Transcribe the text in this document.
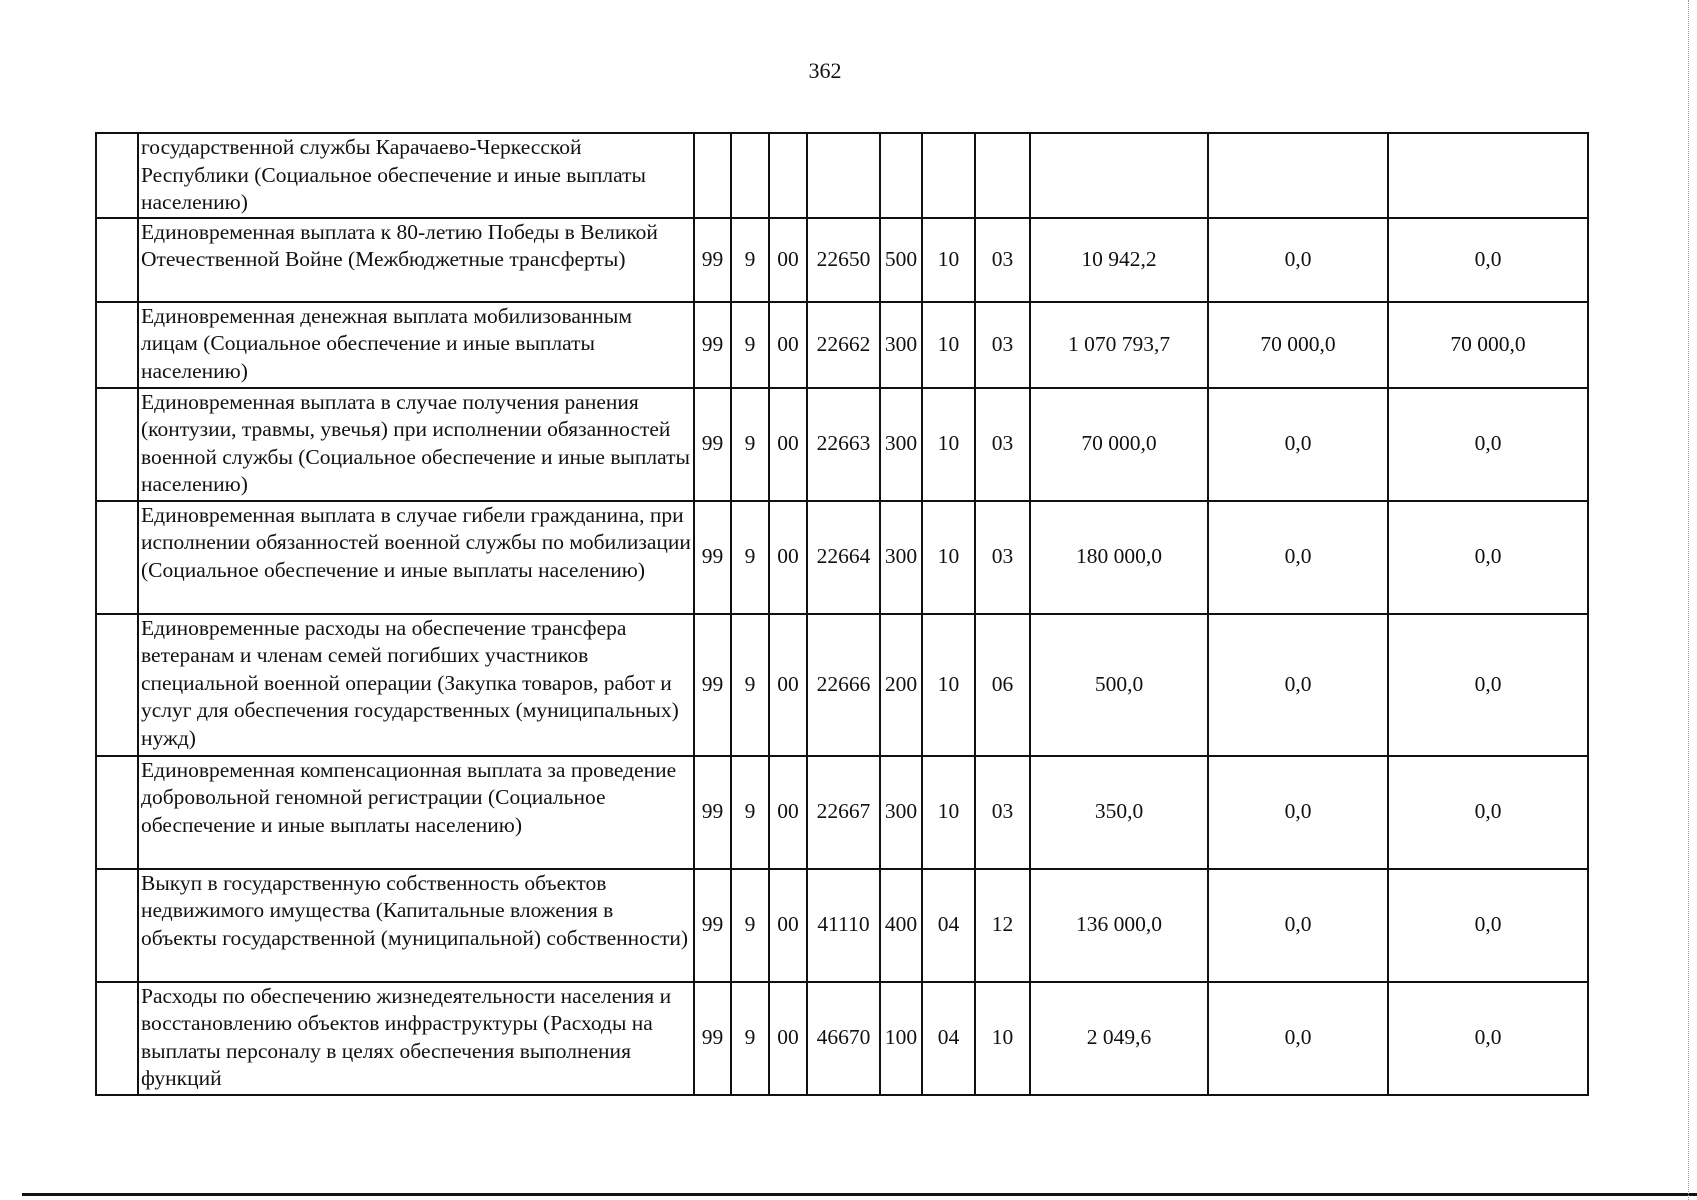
362
	государственной службы Карачаево-Черкесской Республики (Социальное обеспечение и иные выплаты населению)										
	Единовременная выплата к 80-летию Победы в Великой Отечественной Войне (Межбюджетные трансферты)	99	9	00	22650	500	10	03	10 942,2	0,0	0,0
	Единовременная денежная выплата мобилизованным лицам (Социальное обеспечение и иные выплаты населению)	99	9	00	22662	300	10	03	1 070 793,7	70 000,0	70 000,0
	Единовременная выплата в случае получения ранения (контузии, травмы, увечья) при исполнении обязанностей военной службы (Социальное обеспечение и иные выплаты населению)	99	9	00	22663	300	10	03	70 000,0	0,0	0,0
	Единовременная выплата в случае гибели гражданина, при исполнении обязанностей военной службы по мобилизации (Социальное обеспечение и иные выплаты населению)	99	9	00	22664	300	10	03	180 000,0	0,0	0,0
	Единовременные расходы на обеспечение трансфера ветеранам и членам семей погибших участников специальной военной операции (Закупка товаров, работ и услуг для обеспечения государственных (муниципальных) нужд)	99	9	00	22666	200	10	06	500,0	0,0	0,0
	Единовременная компенсационная выплата за проведение добровольной геномной регистрации (Социальное обеспечение и иные выплаты населению)	99	9	00	22667	300	10	03	350,0	0,0	0,0
	Выкуп в государственную собственность объектов недвижимого имущества (Капитальные вложения в объекты государственной (муниципальной) собственности)	99	9	00	41110	400	04	12	136 000,0	0,0	0,0
	Расходы по обеспечению жизнедеятельности населения и восстановлению объектов инфраструктуры (Расходы на выплаты персоналу в целях обеспечения выполнения функций	99	9	00	46670	100	04	10	2 049,6	0,0	0,0
